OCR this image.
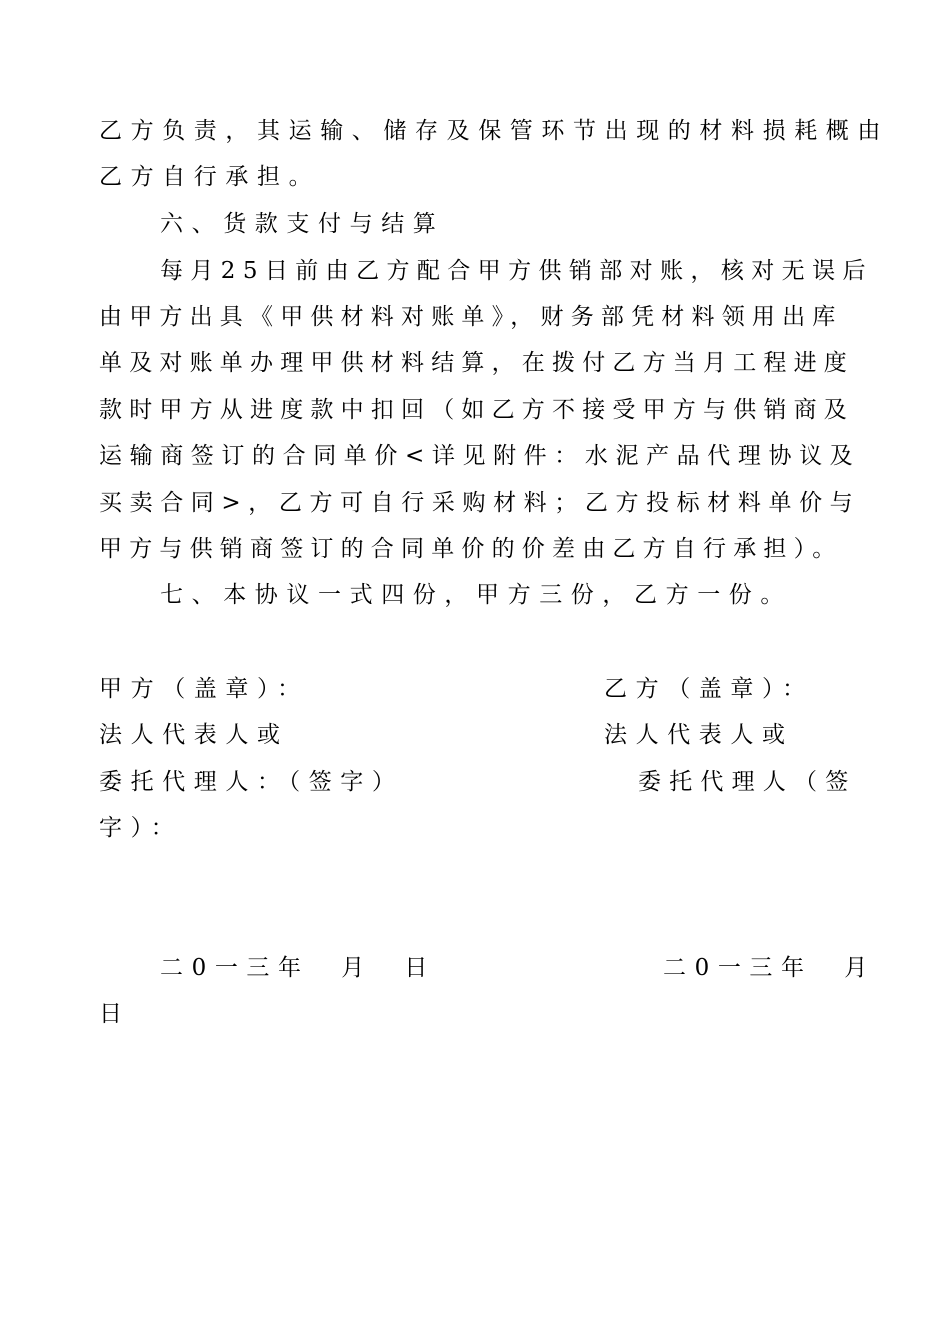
乙方负责，其运输、储存及保管环节出现的材料损耗概由
乙方自行承担。
六、货款支付与结算
每月25日前由乙方配合甲方供销部对账，核对无误后
由甲方出具《甲供材料对账单》，财务部凭材料领用出库
单及对账单办理甲供材料结算，在拨付乙方当月工程进度
款时甲方从进度款中扣回（如乙方不接受甲方与供销商及
运输商签订的合同单价<详见附件：水泥产品代理协议及
买卖合同>，乙方可自行采购材料；乙方投标材料单价与
甲方与供销商签订的合同单价的价差由乙方自行承担）。
七、本协议一式四份，甲方三份，乙方一份。
甲方（盖章）：	乙方（盖章）：
法人代表人或	法人代表人或
委托代理人：（签字）	委托代理人（签
字）：
二0一三年　月　日	二0一三年　月
日
